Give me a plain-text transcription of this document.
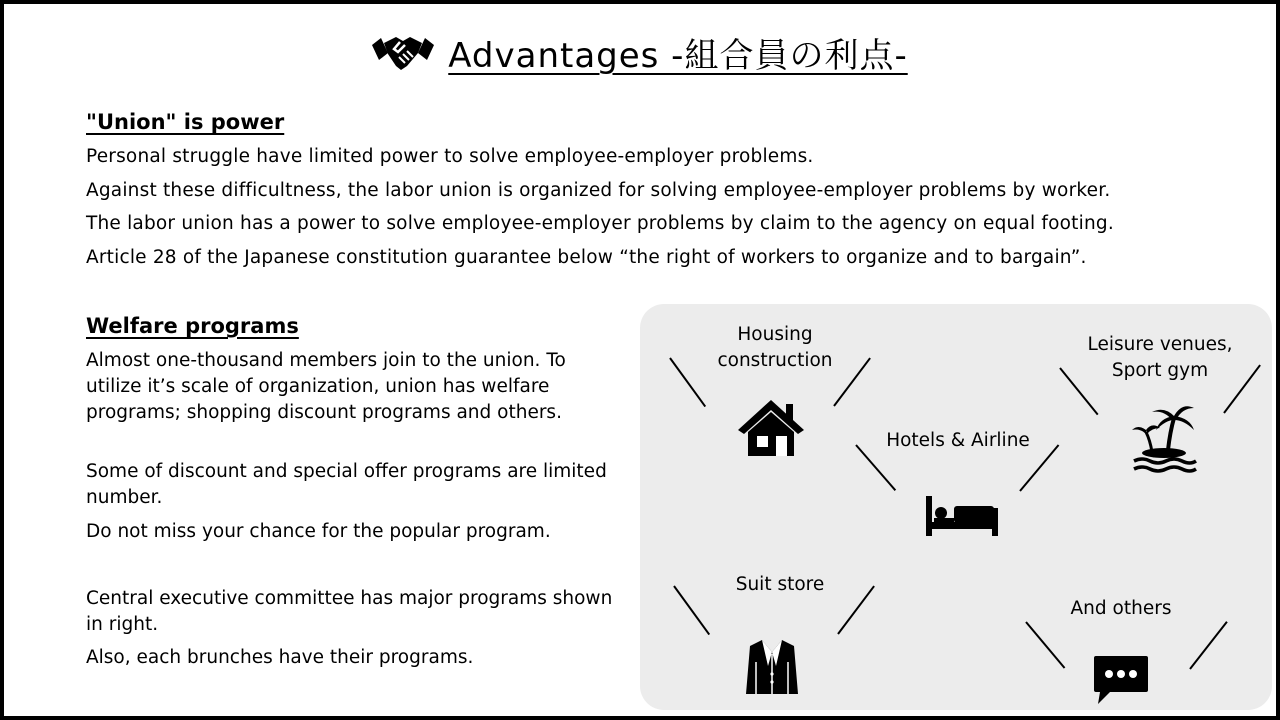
Advantages -組合員の利点-
"Union" is power
Personal struggle have limited power to solve employee-employer problems.
Against these difficultness, the labor union is organized for solving employee-employer problems by worker.
The labor union has a power to solve employee-employer problems by claim to the agency on equal footing.
Article 28 of the Japanese constitution guarantee below “the right of workers to organize and to bargain”.
Welfare programs
Almost one-thousand members join to the union. To utilize it’s scale of organization, union has welfare programs; shopping discount programs and others.
Some of discount and special offer programs are limited number.
Do not miss your chance for the popular program.
Central executive committee has major programs shown in right.
Also, each brunches have their programs.
Housing construction
Hotels & Airline
Leisure venues, Sport gym
Suit store
And others
